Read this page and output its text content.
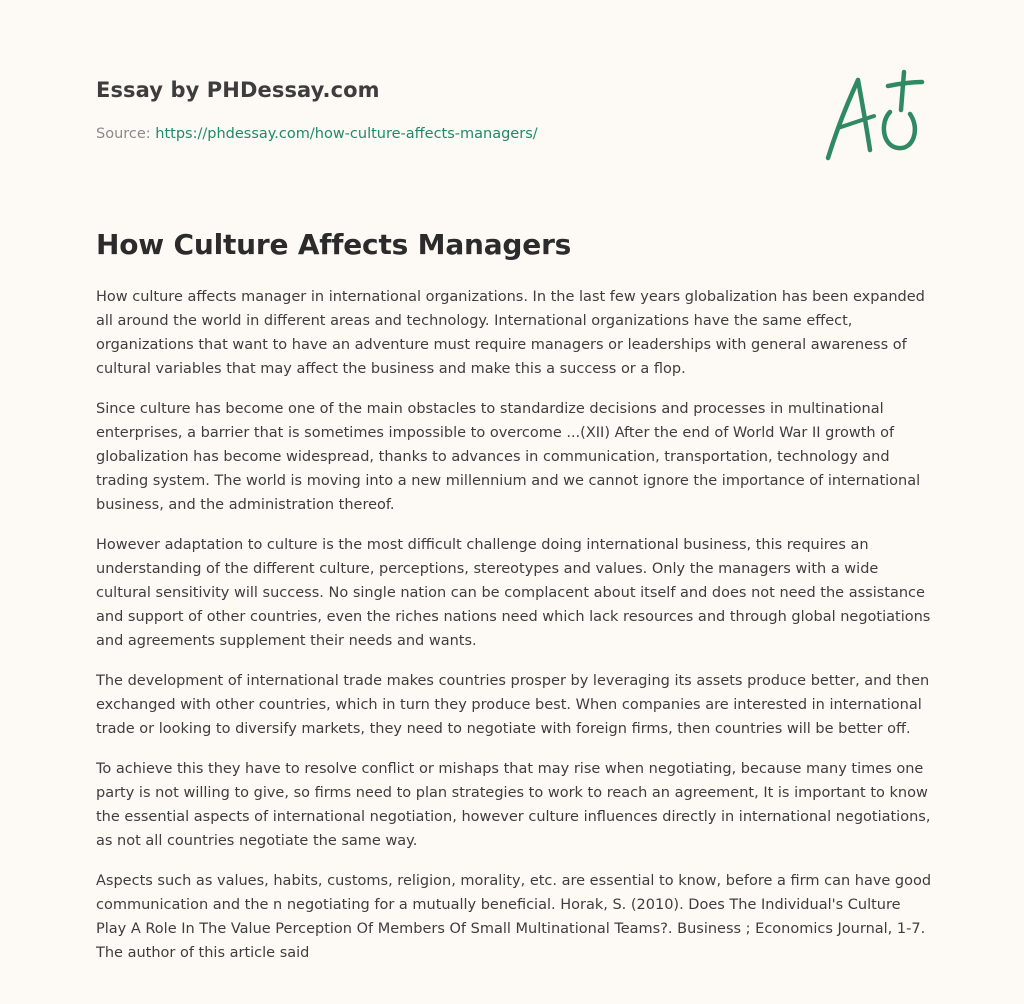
Essay by PHDessay.com
Source: https://phdessay.com/how-culture-affects-managers/
How Culture Affects Managers

How culture affects manager in international organizations. In the last few years globalization has been expanded all around the world in different areas and technology. International organizations have the same effect, organizations that want to have an adventure must require managers or leaderships with general awareness of cultural variables that may affect the business and make this a success or a flop.

Since culture has become one of the main obstacles to standardize decisions and processes in multinational enterprises, a barrier that is sometimes impossible to overcome ...(XII) After the end of World War II growth of globalization has become widespread, thanks to advances in communication, transportation, technology and trading system. The world is moving into a new millennium and we cannot ignore the importance of international business, and the administration thereof.

However adaptation to culture is the most difficult challenge doing international business, this requires an understanding of the different culture, perceptions, stereotypes and values. Only the managers with a wide cultural sensitivity will success. No single nation can be complacent about itself and does not need the assistance and support of other countries, even the riches nations need which lack resources and through global negotiations and agreements supplement their needs and wants.

The development of international trade makes countries prosper by leveraging its assets produce better, and then exchanged with other countries, which in turn they produce best. When companies are interested in international trade or looking to diversify markets, they need to negotiate with foreign firms, then countries will be better off.

To achieve this they have to resolve conflict or mishaps that may rise when negotiating, because many times one party is not willing to give, so firms need to plan strategies to work to reach an agreement, It is important to know the essential aspects of international negotiation, however culture influences directly in international negotiations, as not all countries negotiate the same way.

Aspects such as values, habits, customs, religion, morality, etc. are essential to know, before a firm can have good communication and the n negotiating for a mutually beneficial. Horak, S. (2010). Does The Individual's Culture Play A Role In The Value Perception Of Members Of Small Multinational Teams?. Business ; Economics Journal, 1-7. The author of this article said
